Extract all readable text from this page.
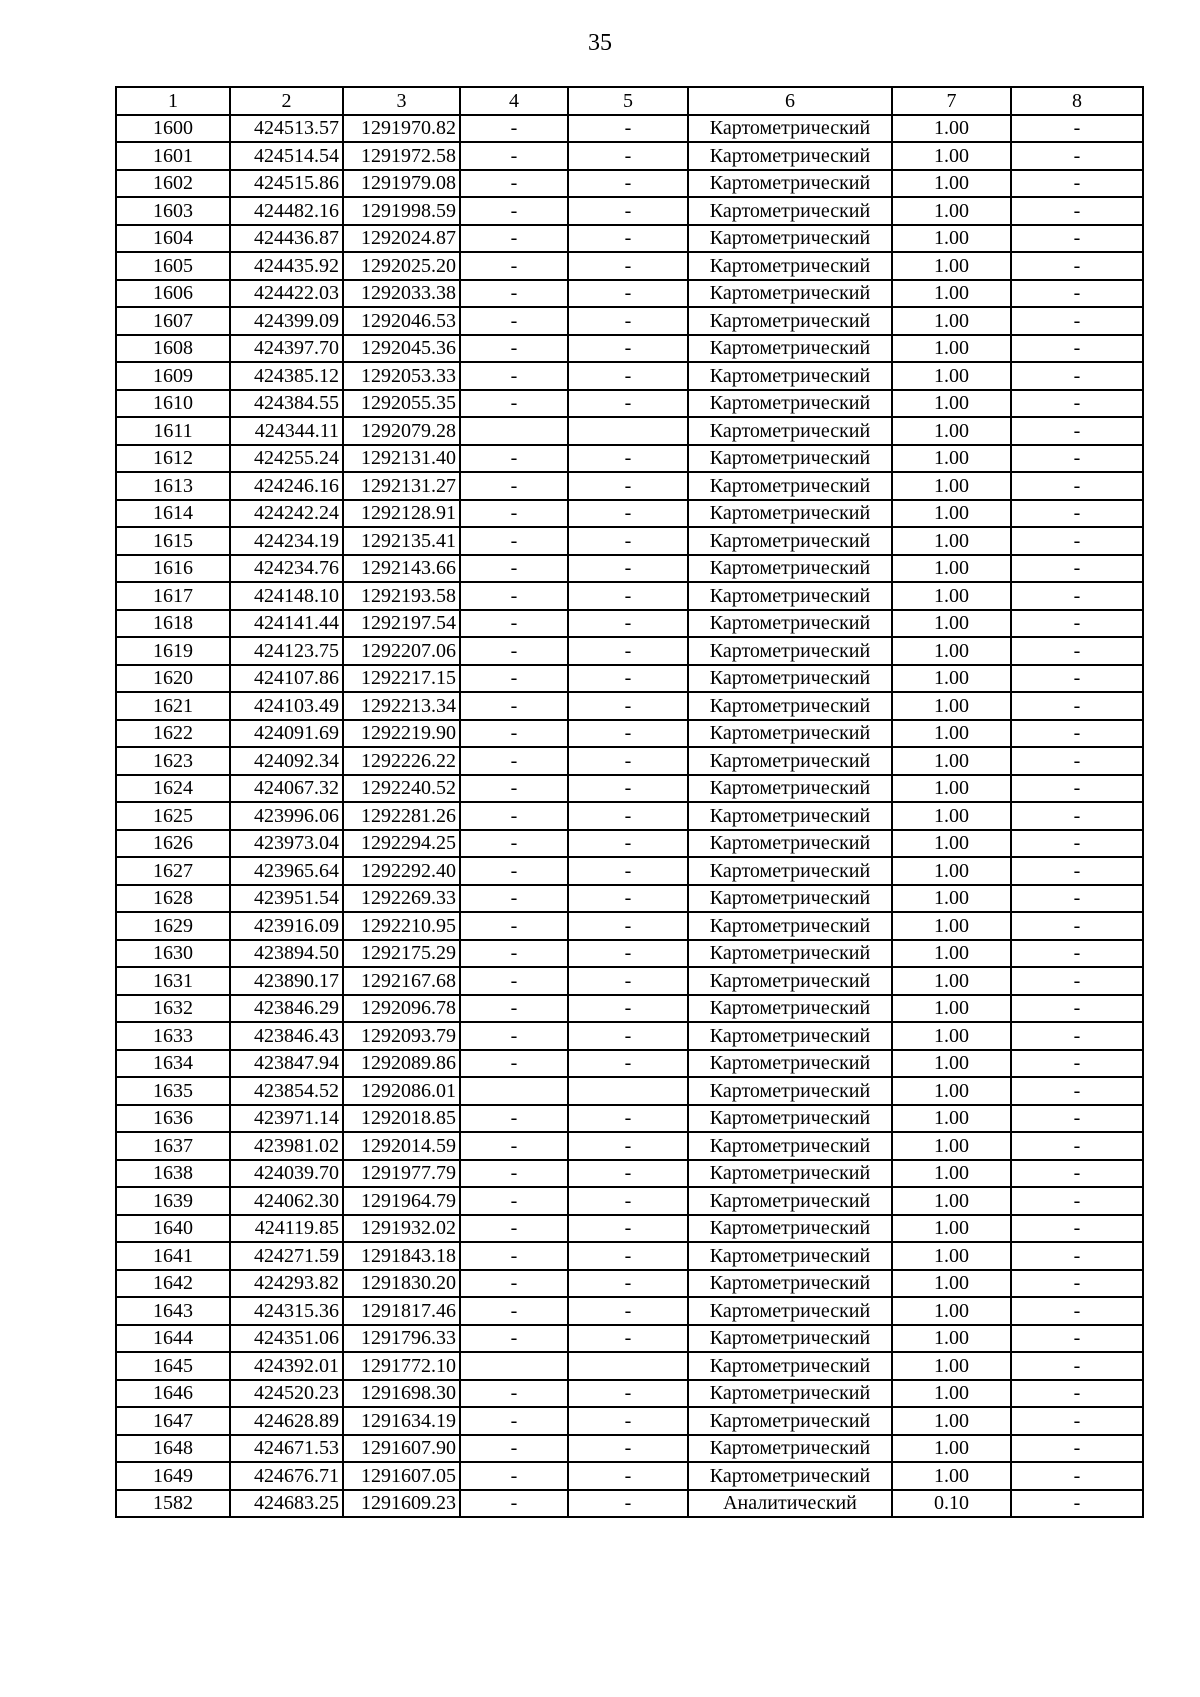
35
1	2	3	4	5	6	7	8
1600	424513.57	1291970.82	-	-	Картометрический	1.00	-
1601	424514.54	1291972.58	-	-	Картометрический	1.00	-
1602	424515.86	1291979.08	-	-	Картометрический	1.00	-
1603	424482.16	1291998.59	-	-	Картометрический	1.00	-
1604	424436.87	1292024.87	-	-	Картометрический	1.00	-
1605	424435.92	1292025.20	-	-	Картометрический	1.00	-
1606	424422.03	1292033.38	-	-	Картометрический	1.00	-
1607	424399.09	1292046.53	-	-	Картометрический	1.00	-
1608	424397.70	1292045.36	-	-	Картометрический	1.00	-
1609	424385.12	1292053.33	-	-	Картометрический	1.00	-
1610	424384.55	1292055.35	-	-	Картометрический	1.00	-
1611	424344.11	1292079.28			Картометрический	1.00	-
1612	424255.24	1292131.40	-	-	Картометрический	1.00	-
1613	424246.16	1292131.27	-	-	Картометрический	1.00	-
1614	424242.24	1292128.91	-	-	Картометрический	1.00	-
1615	424234.19	1292135.41	-	-	Картометрический	1.00	-
1616	424234.76	1292143.66	-	-	Картометрический	1.00	-
1617	424148.10	1292193.58	-	-	Картометрический	1.00	-
1618	424141.44	1292197.54	-	-	Картометрический	1.00	-
1619	424123.75	1292207.06	-	-	Картометрический	1.00	-
1620	424107.86	1292217.15	-	-	Картометрический	1.00	-
1621	424103.49	1292213.34	-	-	Картометрический	1.00	-
1622	424091.69	1292219.90	-	-	Картометрический	1.00	-
1623	424092.34	1292226.22	-	-	Картометрический	1.00	-
1624	424067.32	1292240.52	-	-	Картометрический	1.00	-
1625	423996.06	1292281.26	-	-	Картометрический	1.00	-
1626	423973.04	1292294.25	-	-	Картометрический	1.00	-
1627	423965.64	1292292.40	-	-	Картометрический	1.00	-
1628	423951.54	1292269.33	-	-	Картометрический	1.00	-
1629	423916.09	1292210.95	-	-	Картометрический	1.00	-
1630	423894.50	1292175.29	-	-	Картометрический	1.00	-
1631	423890.17	1292167.68	-	-	Картометрический	1.00	-
1632	423846.29	1292096.78	-	-	Картометрический	1.00	-
1633	423846.43	1292093.79	-	-	Картометрический	1.00	-
1634	423847.94	1292089.86	-	-	Картометрический	1.00	-
1635	423854.52	1292086.01			Картометрический	1.00	-
1636	423971.14	1292018.85	-	-	Картометрический	1.00	-
1637	423981.02	1292014.59	-	-	Картометрический	1.00	-
1638	424039.70	1291977.79	-	-	Картометрический	1.00	-
1639	424062.30	1291964.79	-	-	Картометрический	1.00	-
1640	424119.85	1291932.02	-	-	Картометрический	1.00	-
1641	424271.59	1291843.18	-	-	Картометрический	1.00	-
1642	424293.82	1291830.20	-	-	Картометрический	1.00	-
1643	424315.36	1291817.46	-	-	Картометрический	1.00	-
1644	424351.06	1291796.33	-	-	Картометрический	1.00	-
1645	424392.01	1291772.10			Картометрический	1.00	-
1646	424520.23	1291698.30	-	-	Картометрический	1.00	-
1647	424628.89	1291634.19	-	-	Картометрический	1.00	-
1648	424671.53	1291607.90	-	-	Картометрический	1.00	-
1649	424676.71	1291607.05	-	-	Картометрический	1.00	-
1582	424683.25	1291609.23	-	-	Аналитический	0.10	-
